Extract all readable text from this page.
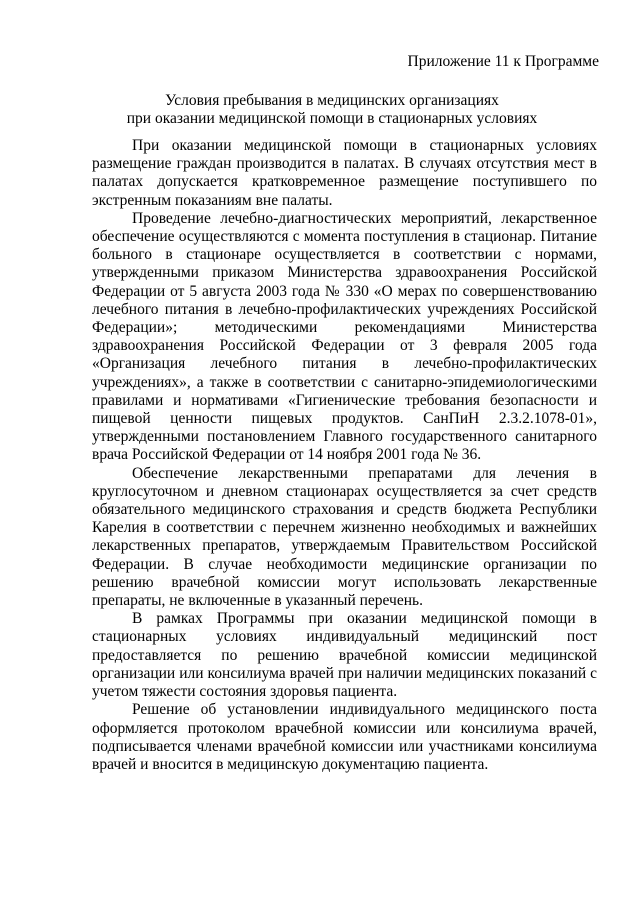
Приложение 11 к Программе
Условия пребывания в медицинских организациях
при оказании медицинской помощи в стационарных условиях

При оказании медицинской помощи в стационарных условиях размещение граждан производится в палатах. В случаях отсутствия мест в палатах допускается кратковременное размещение поступившего по экстренным показаниям вне палаты.

Проведение лечебно-диагностических мероприятий, лекарственное обеспечение осуществляются с момента поступления в стационар. Питание больного в стационаре осуществляется в соответствии с нормами, утвержденными приказом Министерства здравоохранения Российской Федерации от 5 августа 2003 года № 330 «О мерах по совершенствованию лечебного питания в лечебно-профилактических учреждениях Российской Федерации»; методическими рекомендациями Министерства здравоохранения Российской Федерации от 3 февраля 2005 года «Организация лечебного питания в лечебно-профилактических учреждениях», а также в соответствии с санитарно-эпидемиологическими правилами и нормативами «Гигиенические требования безопасности и пищевой ценности пищевых продуктов. СанПиН 2.3.2.1078-01», утвержденными постановлением Главного государственного санитарного врача Российской Федерации от 14 ноября 2001 года № 36.

Обеспечение лекарственными препаратами для лечения в круглосуточном и дневном стационарах осуществляется за счет средств обязательного медицинского страхования и средств бюджета Республики Карелия в соответствии с перечнем жизненно необходимых и важнейших лекарственных препаратов, утверждаемым Правительством Российской Федерации. В случае необходимости медицинские организации по решению врачебной комиссии могут использовать лекарственные препараты, не включенные в указанный перечень.

В рамках Программы при оказании медицинской помощи в стационарных условиях индивидуальный медицинский пост предоставляется по решению врачебной комиссии медицинской организации или консилиума врачей при наличии медицинских показаний с учетом тяжести состояния здоровья пациента.

Решение об установлении индивидуального медицинского поста оформляется протоколом врачебной комиссии или консилиума врачей, подписывается членами врачебной комиссии или участниками консилиума врачей и вносится в медицинскую документацию пациента.
